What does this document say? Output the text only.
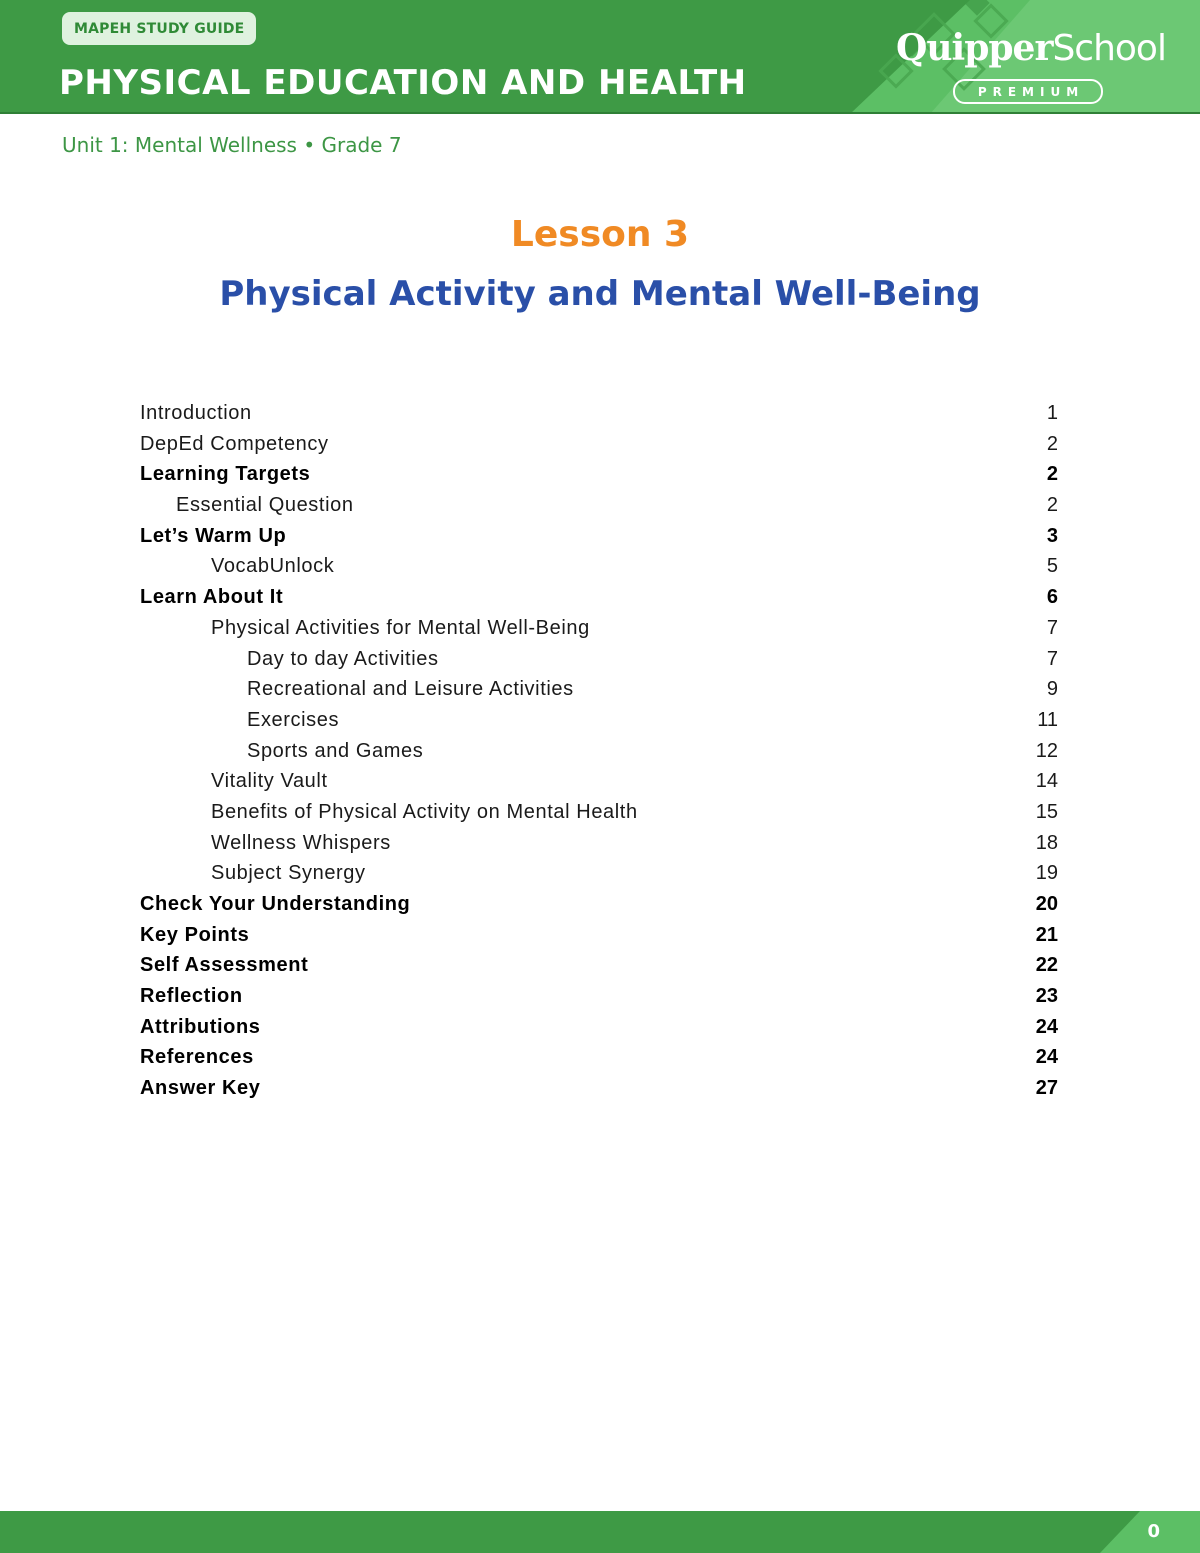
MAPEH STUDY GUIDE
PHYSICAL EDUCATION AND HEALTH
QuipperSchool
PREMIUM
Unit 1: Mental Wellness • Grade 7
Lesson 3
Physical Activity and Mental Well-Being
Introduction	1
DepEd Competency	2
Learning Targets	2
Essential Question	2
Let’s Warm Up	3
VocabUnlock	5
Learn About It	6
Physical Activities for Mental Well-Being	7
Day to day Activities	7
Recreational and Leisure Activities	9
Exercises	11
Sports and Games	12
Vitality Vault	14
Benefits of Physical Activity on Mental Health	15
Wellness Whispers	18
Subject Synergy	19
Check Your Understanding	20
Key Points	21
Self Assessment	22
Reflection	23
Attributions	24
References	24
Answer Key	27
0
